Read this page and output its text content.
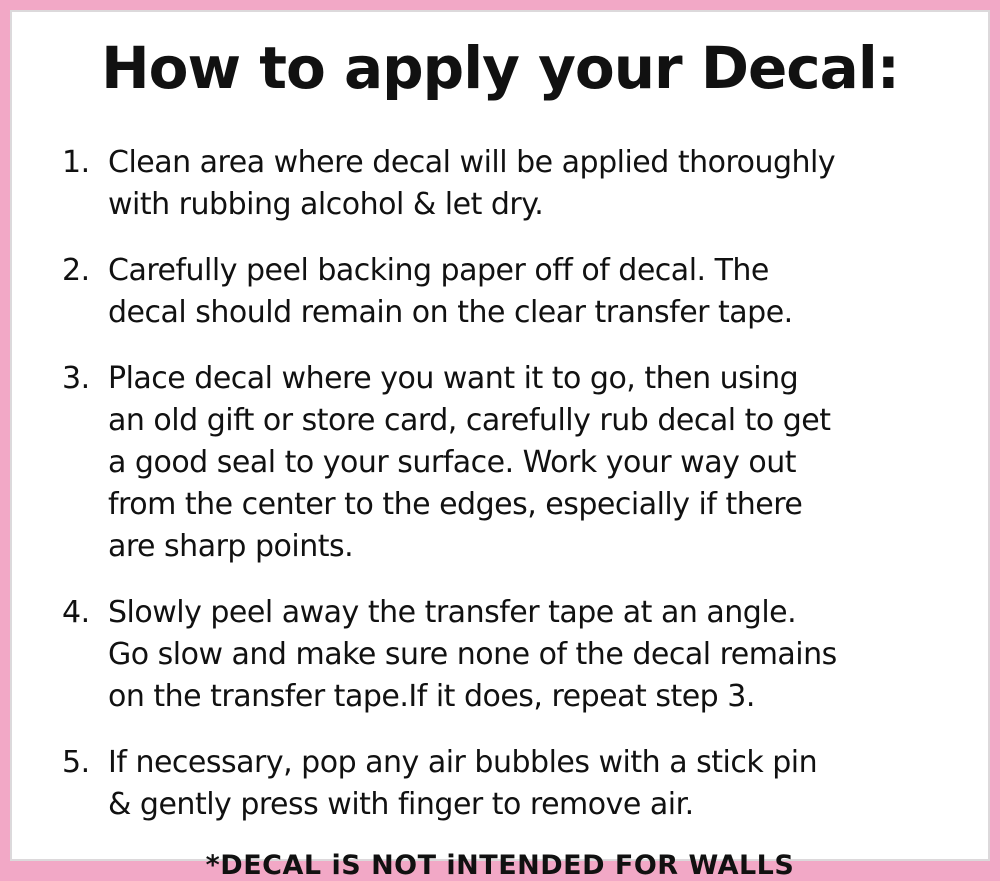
How to apply your Decal:
1. Clean area where decal will be applied thoroughly
with rubbing alcohol & let dry.
2. Carefully peel backing paper off of decal. The
decal should remain on the clear transfer tape.
3. Place decal where you want it to go, then using
an old gift or store card, carefully rub decal to get
a good seal to your surface. Work your way out
from the center to the edges, especially if there
are sharp points.
4. Slowly peel away the transfer tape at an angle.
Go slow and make sure none of the decal remains
on the transfer tape.If it does, repeat step 3.
5. If necessary, pop any air bubbles with a stick pin
& gently press with finger to remove air.
*DECAL iS NOT iNTENDED FOR WALLS
